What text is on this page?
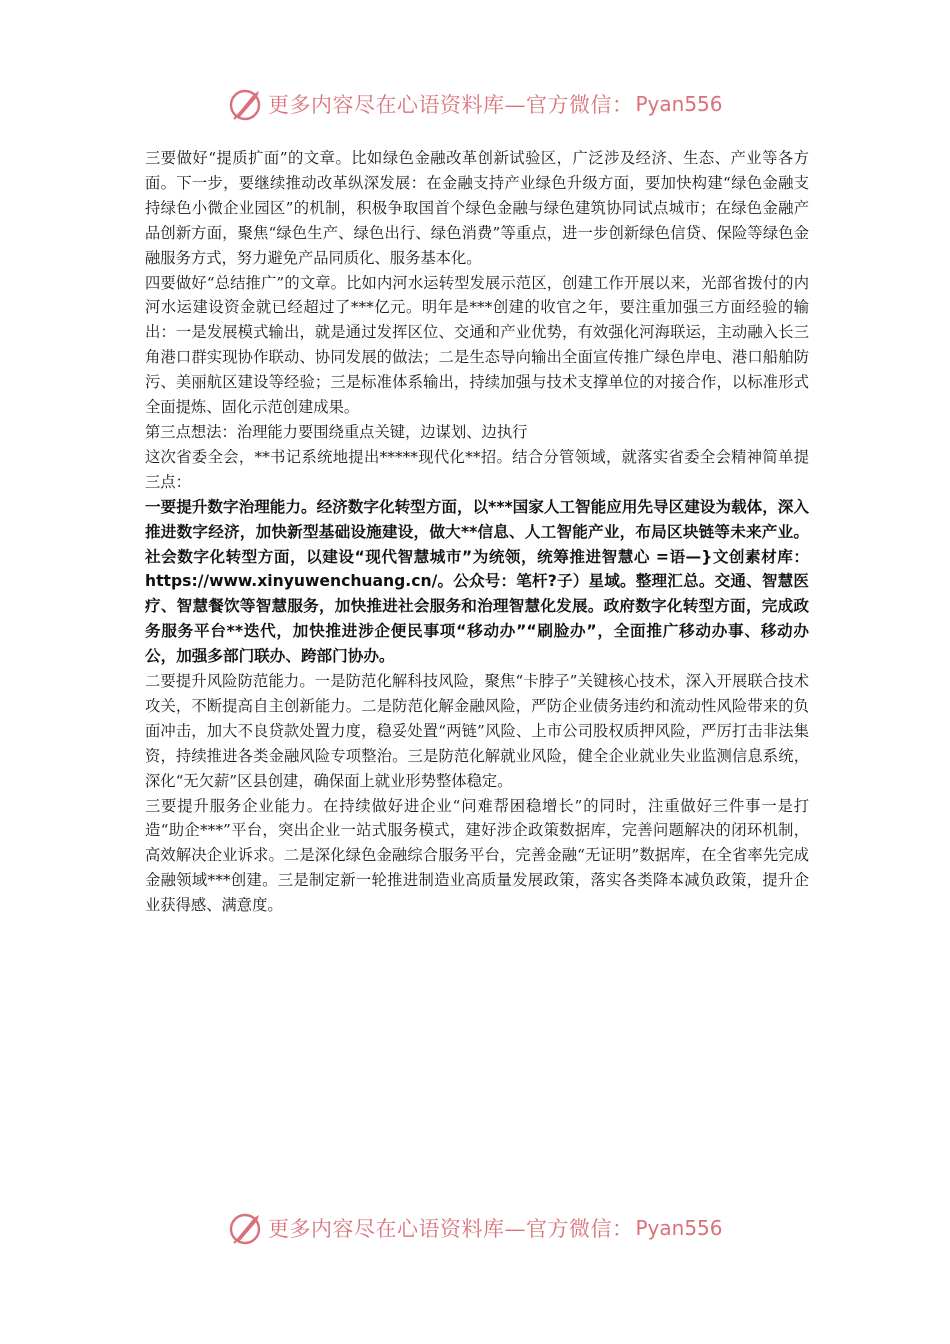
更多内容尽在心语资料库—官方微信： Pyan556

三要做好“提质扩面”的文章。比如绿色金融改革创新试验区，广泛涉及经济、生态、产业等各方面。下一步，要继续推动改革纵深发展：在金融支持产业绿色升级方面，要加快构建“绿色金融支持绿色小微企业园区”的机制，积极争取国首个绿色金融与绿色建筑协同试点城市；在绿色金融产品创新方面，聚焦“绿色生产、绿色出行、绿色消费”等重点，进一步创新绿色信贷、保险等绿色金融服务方式，努力避免产品同质化、服务基本化。

四要做好“总结推广”的文章。比如内河水运转型发展示范区，创建工作开展以来，光部省拨付的内河水运建设资金就已经超过了***亿元。明年是***创建的收官之年，要注重加强三方面经验的输出：一是发展模式输出，就是通过发挥区位、交通和产业优势，有效强化河海联运，主动融入长三角港口群实现协作联动、协同发展的做法；二是生态导向输出全面宣传推广绿色岸电、港口船舶防污、美丽航区建设等经验；三是标准体系输出，持续加强与技术支撑单位的对接合作，以标准形式全面提炼、固化示范创建成果。

第三点想法：治理能力要围绕重点关键，边谋划、边执行

这次省委全会，**书记系统地提出*****现代化**招。结合分管领域，就落实省委全会精神简单提三点：

一要提升数字治理能力。经济数字化转型方面，以***国家人工智能应用先导区建设为载体，深入推进数字经济，加快新型基础设施建设，做大**信息、人工智能产业，布局区块链等未来产业。社会数字化转型方面，以建设“现代智慧城市”为统领，统筹推进智慧心 =语—}文创素材库：https://www.xinyuwenchuang.cn/。公众号：笔杆?子）星域。整理汇总。交通、智慧医疗、智慧餐饮等智慧服务，加快推进社会服务和治理智慧化发展。政府数字化转型方面，完成政务服务平台**迭代，加快推进涉企便民事项“移动办”“刷脸办”，全面推广移动办事、移动办公，加强多部门联办、跨部门协办。

二要提升风险防范能力。一是防范化解科技风险，聚焦“卡脖子”关键核心技术，深入开展联合技术攻关，不断提高自主创新能力。二是防范化解金融风险，严防企业债务违约和流动性风险带来的负面冲击，加大不良贷款处置力度，稳妥处置“两链”风险、上市公司股权质押风险，严厉打击非法集资，持续推进各类金融风险专项整治。三是防范化解就业风险，健全企业就业失业监测信息系统，深化“无欠薪”区县创建，确保面上就业形势整体稳定。

三要提升服务企业能力。在持续做好进企业“问难帮困稳增长”的同时，注重做好三件事一是打造“助企***”平台，突出企业一站式服务模式，建好涉企政策数据库，完善问题解决的闭环机制，高效解决企业诉求。二是深化绿色金融综合服务平台，完善金融“无证明”数据库，在全省率先完成金融领域***创建。三是制定新一轮推进制造业高质量发展政策，落实各类降本减负政策，提升企业获得感、满意度。

更多内容尽在心语资料库—官方微信： Pyan556
